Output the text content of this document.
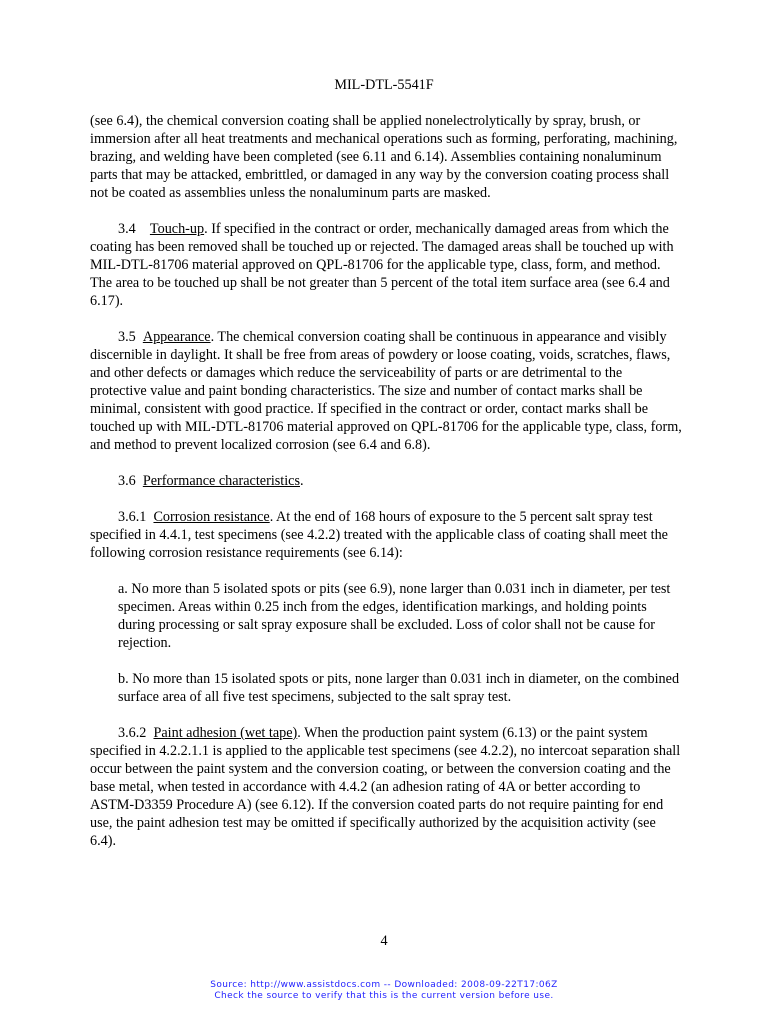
MIL-DTL-5541F

(see 6.4), the chemical conversion coating shall be applied nonelectrolytically by spray, brush, or immersion after all heat treatments and mechanical operations such as forming, perforating, machining, brazing, and welding have been completed (see 6.11 and 6.14). Assemblies containing nonaluminum parts that may be attacked, embrittled, or damaged in any way by the conversion coating process shall not be coated as assemblies unless the nonaluminum parts are masked.

3.4 Touch-up. If specified in the contract or order, mechanically damaged areas from which the coating has been removed shall be touched up or rejected. The damaged areas shall be touched up with MIL-DTL-81706 material approved on QPL-81706 for the applicable type, class, form, and method. The area to be touched up shall be not greater than 5 percent of the total item surface area (see 6.4 and 6.17).

3.5 Appearance. The chemical conversion coating shall be continuous in appearance and visibly discernible in daylight. It shall be free from areas of powdery or loose coating, voids, scratches, flaws, and other defects or damages which reduce the serviceability of parts or are detrimental to the protective value and paint bonding characteristics. The size and number of contact marks shall be minimal, consistent with good practice. If specified in the contract or order, contact marks shall be touched up with MIL-DTL-81706 material approved on QPL-81706 for the applicable type, class, form, and method to prevent localized corrosion (see 6.4 and 6.8).

3.6 Performance characteristics.

3.6.1 Corrosion resistance. At the end of 168 hours of exposure to the 5 percent salt spray test specified in 4.4.1, test specimens (see 4.2.2) treated with the applicable class of coating shall meet the following corrosion resistance requirements (see 6.14):

a. No more than 5 isolated spots or pits (see 6.9), none larger than 0.031 inch in diameter, per test specimen. Areas within 0.25 inch from the edges, identification markings, and holding points during processing or salt spray exposure shall be excluded. Loss of color shall not be cause for rejection.

b. No more than 15 isolated spots or pits, none larger than 0.031 inch in diameter, on the combined surface area of all five test specimens, subjected to the salt spray test.

3.6.2 Paint adhesion (wet tape). When the production paint system (6.13) or the paint system specified in 4.2.2.1.1 is applied to the applicable test specimens (see 4.2.2), no intercoat separation shall occur between the paint system and the conversion coating, or between the conversion coating and the base metal, when tested in accordance with 4.4.2 (an adhesion rating of 4A or better according to ASTM-D3359 Procedure A) (see 6.12). If the conversion coated parts do not require painting for end use, the paint adhesion test may be omitted if specifically authorized by the acquisition activity (see 6.4).

4
Source: http://www.assistdocs.com -- Downloaded: 2008-09-22T17:06Z
Check the source to verify that this is the current version before use.
